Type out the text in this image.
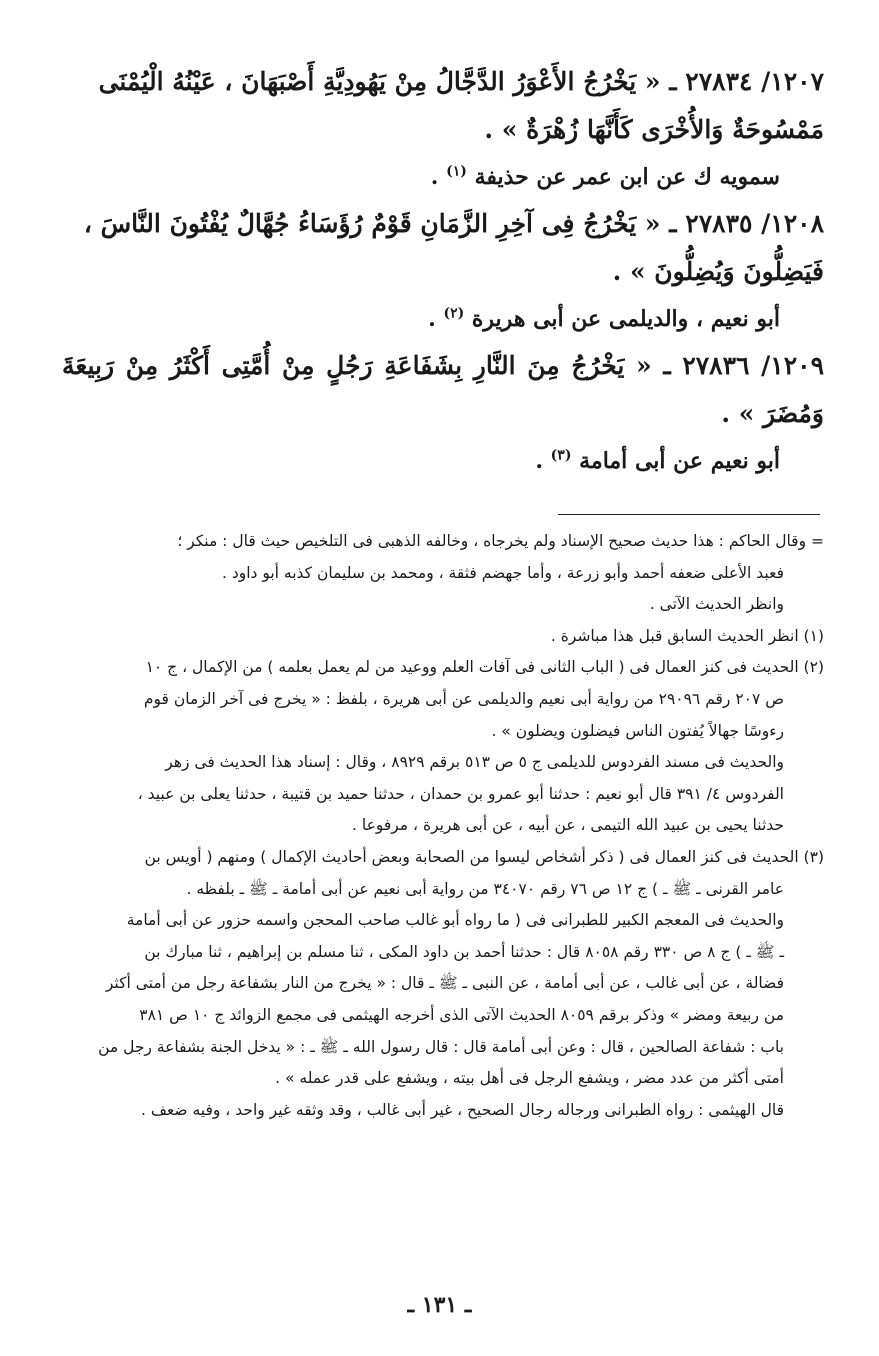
١٢٠٧/ ٢٧٨٣٤ ـ « يَخْرُجُ الأَعْوَرُ الدَّجَّالُ مِنْ يَهُودِيَّةِ أَصْبَهَانَ ، عَيْنُهُ الْيُمْنَى

مَمْسُوحَةٌ وَالأُخْرَى كَأَنَّهَا زُهْرَةٌ » .

سمويه ك عن ابن عمر عن حذيفة $^{(١)}$ .

١٢٠٨/ ٢٧٨٣٥ ـ « يَخْرُجُ فِى آخِرِ الزَّمَانِ قَوْمٌ رُؤَسَاءُ جُهَّالٌ يُفْتُونَ النَّاسَ ،

فَيَضِلُّونَ وَيُضِلُّونَ » .

أبو نعيم ، والديلمى عن أبى هريرة $^{(٢)}$ .

١٢٠٩/ ٢٧٨٣٦ ـ « يَخْرُجُ مِنَ النَّارِ بِشَفَاعَةِ رَجُلٍ مِنْ أُمَّتِى أَكْثَرُ مِنْ رَبِيعَةَ وَمُضَرَ » .

أبو نعيم عن أبى أمامة $^{(٣)}$ .

= وقال الحاكم : هذا حديث صحيح الإسناد ولم يخرجاه ، وخالفه الذهبى فى التلخيص حيث قال : منكر ؛

فعبد الأعلى ضعفه أحمد وأبو زرعة ، وأما جهضم فثقة ، ومحمد بن سليمان كذبه أبو داود .

وانظر الحديث الآتى .

(١) انظر الحديث السابق قبل هذا مباشرة .

(٢) الحديث فى كنز العمال فى ( الباب الثانى فى آفات العلم ووعيد من لم يعمل بعلمه ) من الإكمال ، ج ١٠

ص ٢٠٧ رقم ٢٩٠٩٦ من رواية أبى نعيم والديلمى عن أبى هريرة ، بلفظ : « يخرج فى آخر الزمان قوم

رءوسًا جهالاً يُفتون الناس فيضلون ويضلون » .

والحديث فى مسند الفردوس للديلمى ج ٥ ص ٥١٣ برقم ٨٩٢٩ ، وقال : إسناد هذا الحديث فى زهر

الفردوس ٤/ ٣٩١ قال أبو نعيم : حدثنا أبو عمرو بن حمدان ، حدثنا حميد بن قتيبة ، حدثنا يعلى بن عبيد ،

حدثنا يحيى بن عبيد الله التيمى ، عن أبيه ، عن أبى هريرة ، مرفوعا .

(٣) الحديث فى كنز العمال فى ( ذكر أشخاص ليسوا من الصحابة وبعض أحاديث الإكمال ) ومنهم ( أويس بن

عامر القرنى ـ ﷺ ـ ) ج ١٢ ص ٧٦ رقم ٣٤٠٧٠ من رواية أبى نعيم عن أبى أمامة ـ ﷺ ـ بلفظه .

والحديث فى المعجم الكبير للطبرانى فى ( ما رواه أبو غالب صاحب المحجن واسمه حزور عن أبى أمامة

ـ ﷺ ـ ) ج ٨ ص ٣٣٠ رقم ٨٠٥٨ قال : حدثنا أحمد بن داود المكى ، ثنا مسلم بن إبراهيم ، ثنا مبارك بن

فضالة ، عن أبى غالب ، عن أبى أمامة ، عن النبى ـ ﷺ ـ قال : « يخرج من النار بشفاعة رجل من أمتى أكثر

من ربيعة ومضر » وذكر برقم ٨٠٥٩ الحديث الآتى الذى أخرجه الهيثمى فى مجمع الزوائد ج ١٠ ص ٣٨١

باب : شفاعة الصالحين ، قال : وعن أبى أمامة قال : قال رسول الله ـ ﷺ ـ : « يدخل الجنة بشفاعة رجل من

أمتى أكثر من عدد مضر ، ويشفع الرجل فى أهل بيته ، ويشفع على قدر عمله » .

قال الهيثمى : رواه الطبرانى ورجاله رجال الصحيح ، غير أبى غالب ، وقد وثقه غير واحد ، وفيه ضعف .

ـ ١٣١ ـ
